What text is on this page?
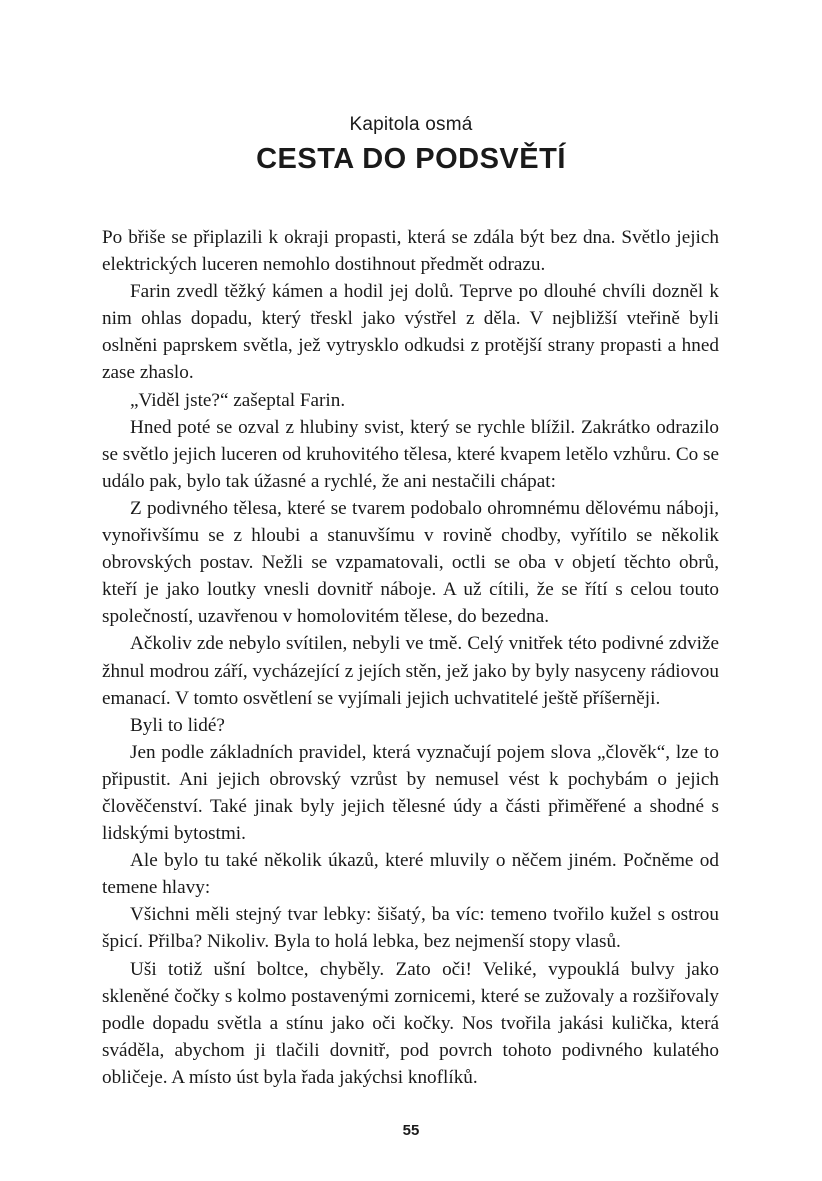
Kapitola osmá
CESTA DO PODSVĚTÍ

Po břiše se připlazili k okraji propasti, která se zdála být bez dna. Světlo jejich elektrických luceren nemohlo dostihnout předmět odrazu.

Farin zvedl těžký kámen a hodil jej dolů. Teprve po dlouhé chvíli dozněl k nim ohlas dopadu, který třeskl jako výstřel z děla. V nejbližší vteřině byli oslněni paprskem světla, jež vytrysklo odkudsi z protější strany propasti a hned zase zhaslo.

„Viděl jste?“ zašeptal Farin.

Hned poté se ozval z hlubiny svist, který se rychle blížil. Zakrátko odrazilo se světlo jejich luceren od kruhovitého tělesa, které kvapem letělo vzhůru. Co se událo pak, bylo tak úžasné a rychlé, že ani nestačili chápat:

Z podivného tělesa, které se tvarem podobalo ohromnému dělovému náboji, vynořivšímu se z hloubi a stanuvšímu v rovině chodby, vyřítilo se několik obrovských postav. Nežli se vzpamatovali, octli se oba v objetí těchto obrů, kteří je jako loutky vnesli dovnitř náboje. A už cítili, že se řítí s celou touto společností, uzavřenou v homolovitém tělese, do bezedna.

Ačkoliv zde nebylo svítilen, nebyli ve tmě. Celý vnitřek této podivné zdviže žhnul modrou září, vycházející z jejích stěn, jež jako by byly nasyceny rádiovou emanací. V tomto osvětlení se vyjímali jejich uchvatitelé ještě příšerněji.

Byli to lidé?

Jen podle základních pravidel, která vyznačují pojem slova „člověk“, lze to připustit. Ani jejich obrovský vzrůst by nemusel vést k pochybám o jejich člověčenství. Také jinak byly jejich tělesné údy a části přiměřené a shodné s lidskými bytostmi.

Ale bylo tu také několik úkazů, které mluvily o něčem jiném. Počněme od temene hlavy:

Všichni měli stejný tvar lebky: šišatý, ba víc: temeno tvořilo kužel s ostrou špicí. Přilba? Nikoliv. Byla to holá lebka, bez nejmenší stopy vlasů.

Uši totiž ušní boltce, chyběly. Zato oči! Veliké, vypouklá bulvy jako skleněné čočky s kolmo postavenými zornicemi, které se zužovaly a rozšiřovaly podle dopadu světla a stínu jako oči kočky. Nos tvořila jakási kulička, která sváděla, abychom ji tlačili dovnitř, pod povrch tohoto podivného kulatého obličeje. A místo úst byla řada jakýchsi knoflíků.

55
